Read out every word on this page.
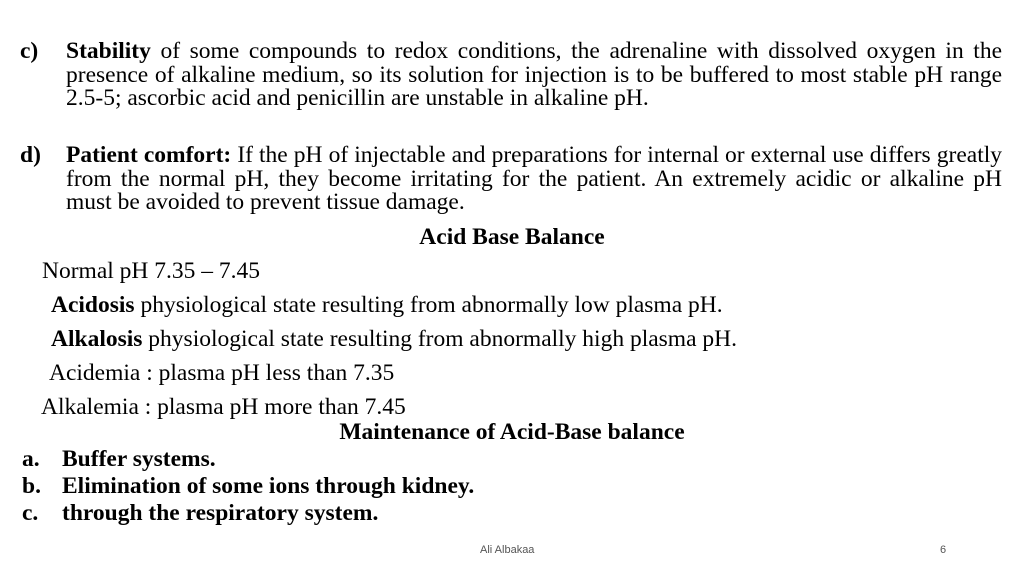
c) Stability of some compounds to redox conditions, the adrenaline with dissolved oxygen in the presence of alkaline medium, so its solution for injection is to be buffered to most stable pH range 2.5-5; ascorbic acid and penicillin are unstable in alkaline pH.
d) Patient comfort: If the pH of injectable and preparations for internal or external use differs greatly from the normal pH, they become irritating for the patient. An extremely acidic or alkaline pH must be avoided to prevent tissue damage.
Acid Base Balance
Normal pH 7.35 – 7.45
Acidosis physiological state resulting from abnormally low plasma pH.
Alkalosis physiological state resulting from abnormally high plasma pH.
Acidemia : plasma pH less than 7.35
Alkalemia : plasma pH more than 7.45
Maintenance of Acid-Base balance
a. Buffer systems.
b. Elimination of some ions through kidney.
c. through the respiratory system.
Ali Albakaa	6
